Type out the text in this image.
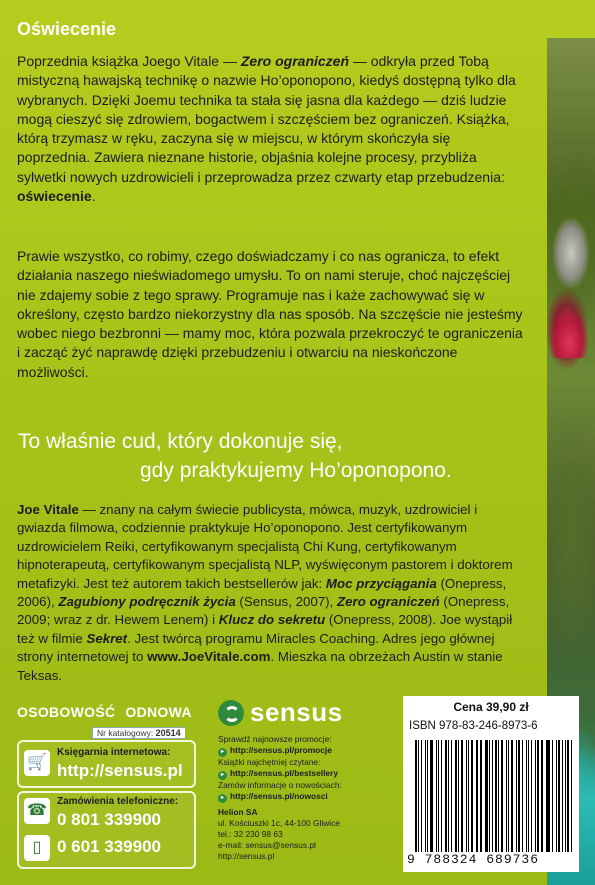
Oświecenie
Poprzednia książka Joego Vitale — Zero ograniczeń — odkryła przed Tobą mistyczną hawajską technikę o nazwie Ho’oponopono, kiedyś dostępną tylko dla wybranych. Dzięki Joemu technika ta stała się jasna dla każdego — dziś ludzie mogą cieszyć się zdrowiem, bogactwem i szczęściem bez ograniczeń. Książka, którą trzymasz w ręku, zaczyna się w miejscu, w którym skończyła się poprzednia. Zawiera nieznane historie, objaśnia kolejne procesy, przybliża sylwetki nowych uzdrowicieli i przeprowadza przez czwarty etap przebudzenia: oświecenie.
Prawie wszystko, co robimy, czego doświadczamy i co nas ogranicza, to efekt działania naszego nieświadomego umysłu. To on nami steruje, choć najczęściej nie zdajemy sobie z tego sprawy. Programuje nas i każe zachowywać się w określony, często bardzo niekorzystny dla nas sposób. Na szczęście nie jesteśmy wobec niego bezbronni — mamy moc, która pozwala przekroczyć te ograniczenia i zacząć żyć naprawdę dzięki przebudzeniu i otwarciu na nieskończone możliwości.
To właśnie cud, który dokonuje się,
gdy praktykujemy Ho’oponopono.
Joe Vitale — znany na całym świecie publicysta, mówca, muzyk, uzdrowiciel i gwiazda filmowa, codziennie praktykuje Ho’oponopono. Jest certyfikowanym uzdrowicielem Reiki, certyfikowanym specjalistą Chi Kung, certyfikowanym hipnoterapeutą, certyfikowanym specjalistą NLP, wyświęconym pastorem i doktorem metafizyki. Jest też autorem takich bestsellerów jak: Moc przyciągania (Onepress, 2006), Zagubiony podręcznik życia (Sensus, 2007), Zero ograniczeń (Onepress, 2009; wraz z dr. Hewem Lenem) i Klucz do sekretu (Onepress, 2008). Joe wystąpił też w filmie Sekret. Jest twórcą programu Miracles Coaching. Adres jego głównej strony internetowej to www.JoeVitale.com. Mieszka na obrzeżach Austin w stanie Teksas.
OSOBOWOŚĆ ODNOWA
Nr katalogowy: 20514
🛒
Księgarnia internetowa:
http://sensus.pl
☎
Zamówienia telefoniczne:
0 801 339900
▯ 0 601 339900
sensus
Sprawdź najnowsze promocje:
▸ http://sensus.pl/promocje
Książki najchętniej czytane:
▸ http://sensus.pl/bestsellery
Zamów informacje o nowościach:
▸ http://sensus.pl/nowosci
Helion SA
ul. Kościuszki 1c, 44-100 Gliwice
tel.: 32 230 98 63
e-mail: sensus@sensus.pl
http://sensus.pl
Cena 39,90 zł
ISBN 978-83-246-8973-6
9 788324 689736
